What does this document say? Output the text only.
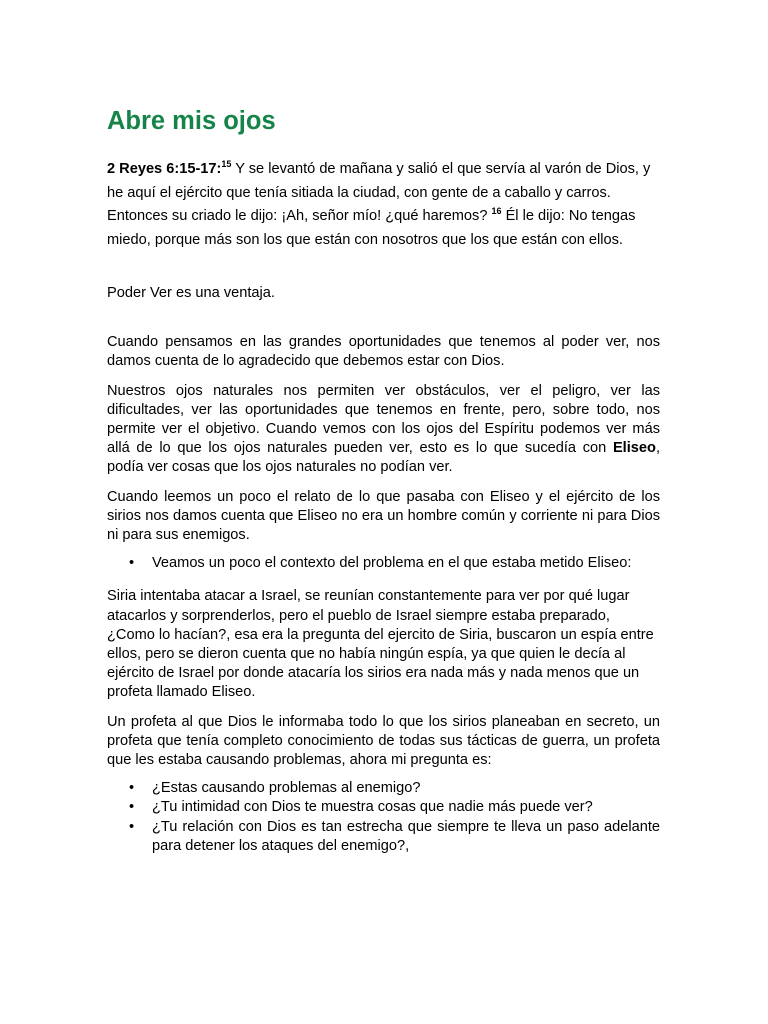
Abre mis ojos
2 Reyes 6:15-17:$^{15}$ Y se levantó de mañana y salió el que servía al varón de Dios, y he aquí el ejército que tenía sitiada la ciudad, con gente de a caballo y carros. Entonces su criado le dijo: ¡Ah, señor mío! ¿qué haremos? $^{16}$ Él le dijo: No tengas miedo, porque más son los que están con nosotros que los que están con ellos.

Poder Ver es una ventaja.

Cuando pensamos en las grandes oportunidades que tenemos al poder ver, nos damos cuenta de lo agradecido que debemos estar con Dios.

Nuestros ojos naturales nos permiten ver obstáculos, ver el peligro, ver las dificultades, ver las oportunidades que tenemos en frente, pero, sobre todo, nos permite ver el objetivo. Cuando vemos con los ojos del Espíritu podemos ver más allá de lo que los ojos naturales pueden ver, esto es lo que sucedía con Eliseo, podía ver cosas que los ojos naturales no podían ver.

Cuando leemos un poco el relato de lo que pasaba con Eliseo y el ejército de los sirios nos damos cuenta que Eliseo no era un hombre común y corriente ni para Dios ni para sus enemigos.

• Veamos un poco el contexto del problema en el que estaba metido Eliseo:

Siria intentaba atacar a Israel, se reunían constantemente para ver por qué lugar atacarlos y sorprenderlos, pero el pueblo de Israel siempre estaba preparado, ¿Como lo hacían?, esa era la pregunta del ejercito de Siria, buscaron un espía entre ellos, pero se dieron cuenta que no había ningún espía, ya que quien le decía al ejército de Israel por donde atacaría los sirios era nada más y nada menos que un profeta llamado Eliseo.

Un profeta al que Dios le informaba todo lo que los sirios planeaban en secreto, un profeta que tenía completo conocimiento de todas sus tácticas de guerra, un profeta que les estaba causando problemas, ahora mi pregunta es:

• ¿Estas causando problemas al enemigo?
• ¿Tu intimidad con Dios te muestra cosas que nadie más puede ver?
• ¿Tu relación con Dios es tan estrecha que siempre te lleva un paso adelante para detener los ataques del enemigo?,
